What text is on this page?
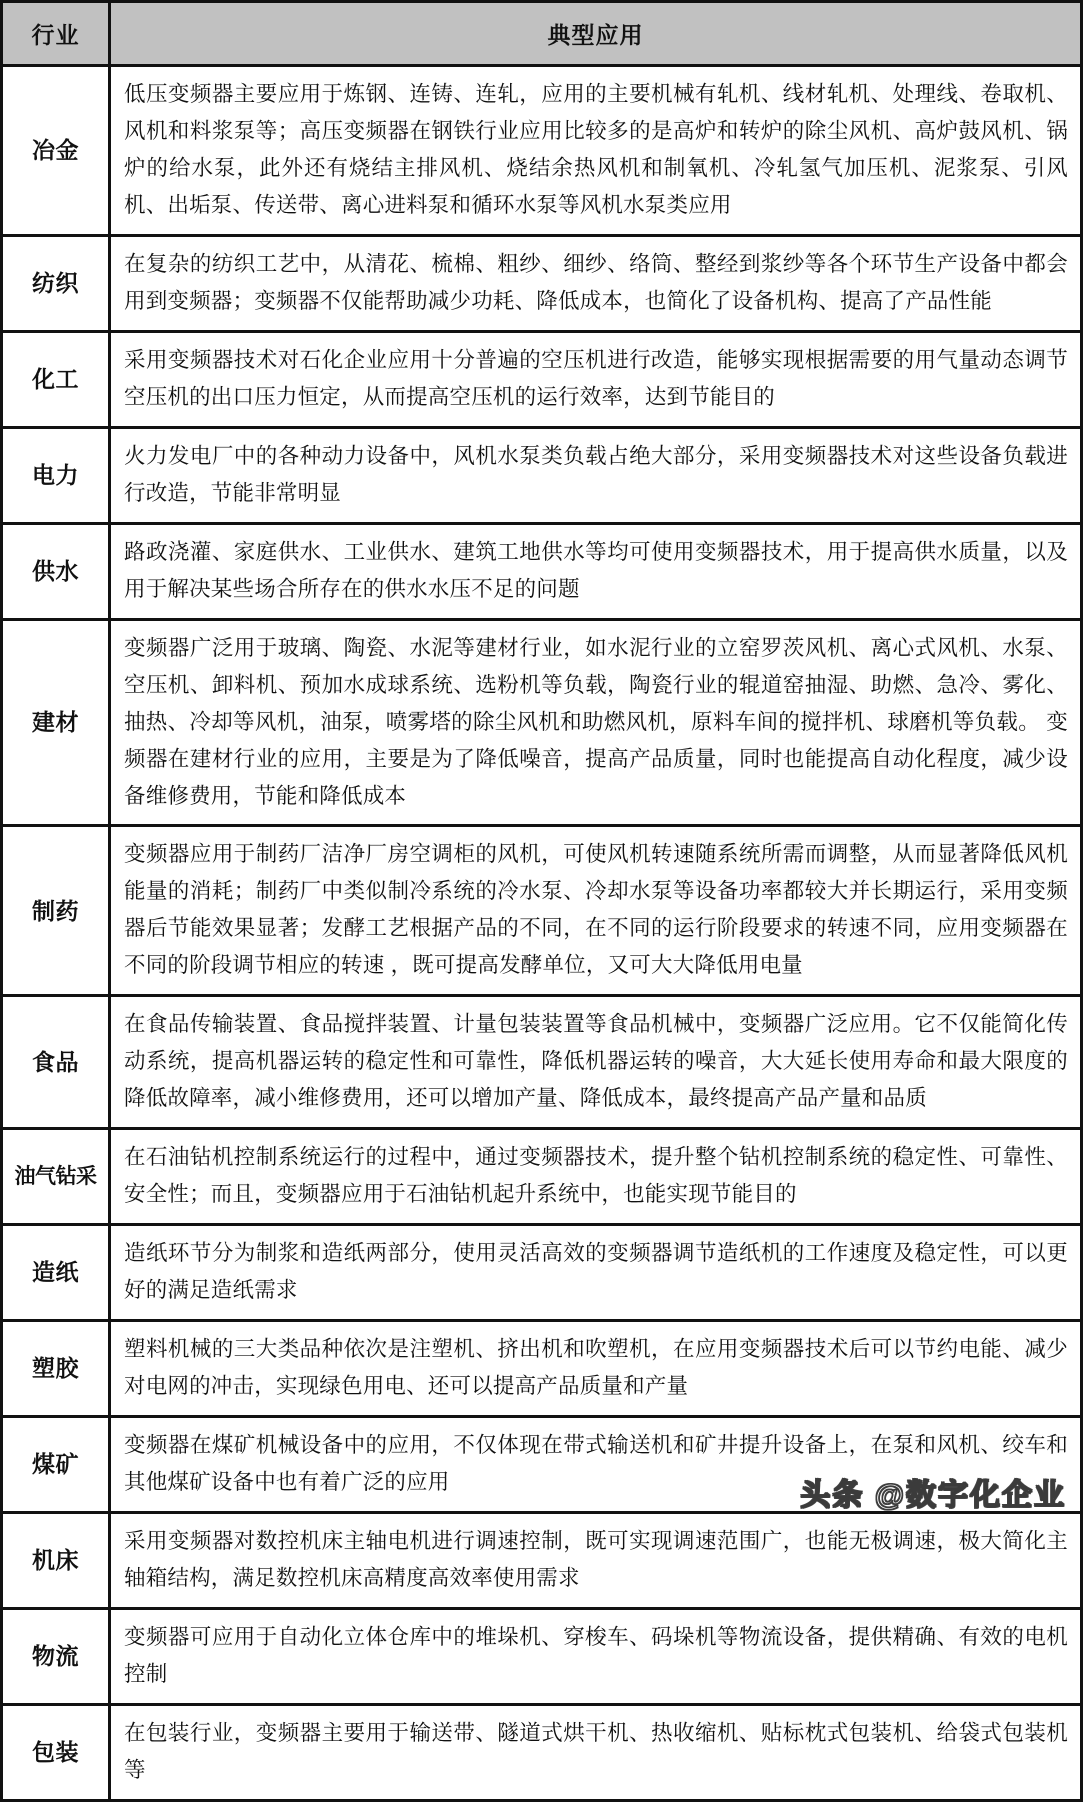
行业	典型应用
冶金	低压变频器主要应用于炼钢、连铸、连轧，应用的主要机械有轧机、线材轧机、处理线、卷取机、风机和料浆泵等；高压变频器在钢铁行业应用比较多的是高炉和转炉的除尘风机、高炉鼓风机、锅炉的给水泵，此外还有烧结主排风机、烧结余热风机和制氧机、冷轧氢气加压机、泥浆泵、引风机、出垢泵、传送带、离心进料泵和循环水泵等风机水泵类应用
纺织	在复杂的纺织工艺中，从清花、梳棉、粗纱、细纱、络筒、整经到浆纱等各个环节生产设备中都会用到变频器；变频器不仅能帮助减少功耗、降低成本，也简化了设备机构、提高了产品性能
化工	采用变频器技术对石化企业应用十分普遍的空压机进行改造，能够实现根据需要的用气量动态调节空压机的出口压力恒定，从而提高空压机的运行效率，达到节能目的
电力	火力发电厂中的各种动力设备中，风机水泵类负载占绝大部分，采用变频器技术对这些设备负载进行改造，节能非常明显
供水	路政浇灌、家庭供水、工业供水、建筑工地供水等均可使用变频器技术，用于提高供水质量，以及用于解决某些场合所存在的供水水压不足的问题
建材	变频器广泛用于玻璃、陶瓷、水泥等建材行业，如水泥行业的立窑罗茨风机、离心式风机、水泵、空压机、卸料机、预加水成球系统、选粉机等负载，陶瓷行业的辊道窑抽湿、助燃、急冷、雾化、抽热、冷却等风机，油泵，喷雾塔的除尘风机和助燃风机，原料车间的搅拌机、球磨机等负载。 变频器在建材行业的应用，主要是为了降低噪音，提高产品质量，同时也能提高自动化程度，减少设备维修费用，节能和降低成本
制药	变频器应用于制药厂洁净厂房空调柜的风机，可使风机转速随系统所需而调整，从而显著降低风机能量的消耗；制药厂中类似制冷系统的冷水泵、冷却水泵等设备功率都较大并长期运行，采用变频器后节能效果显著；发酵工艺根据产品的不同，在不同的运行阶段要求的转速不同，应用变频器在不同的阶段调节相应的转速 ，既可提高发酵单位，又可大大降低用电量
食品	在食品传输装置、食品搅拌装置、计量包装装置等食品机械中，变频器广泛应用。它不仅能简化传动系统，提高机器运转的稳定性和可靠性，降低机器运转的噪音，大大延长使用寿命和最大限度的降低故障率，减小维修费用，还可以增加产量、降低成本，最终提高产品产量和品质
油气钻采	在石油钻机控制系统运行的过程中，通过变频器技术，提升整个钻机控制系统的稳定性、可靠性、安全性；而且，变频器应用于石油钻机起升系统中，也能实现节能目的
造纸	造纸环节分为制浆和造纸两部分，使用灵活高效的变频器调节造纸机的工作速度及稳定性，可以更好的满足造纸需求
塑胶	塑料机械的三大类品种依次是注塑机、挤出机和吹塑机，在应用变频器技术后可以节约电能、减少对电网的冲击，实现绿色用电、还可以提高产品质量和产量
煤矿	变频器在煤矿机械设备中的应用，不仅体现在带式输送机和矿井提升设备上，在泵和风机、绞车和其他煤矿设备中也有着广泛的应用
机床	采用变频器对数控机床主轴电机进行调速控制，既可实现调速范围广，也能无极调速，极大简化主轴箱结构，满足数控机床高精度高效率使用需求
物流	变频器可应用于自动化立体仓库中的堆垛机、穿梭车、码垛机等物流设备，提供精确、有效的电机控制
包装	在包装行业，变频器主要用于输送带、隧道式烘干机、热收缩机、贴标枕式包装机、给袋式包装机等
头条 @数字化企业
